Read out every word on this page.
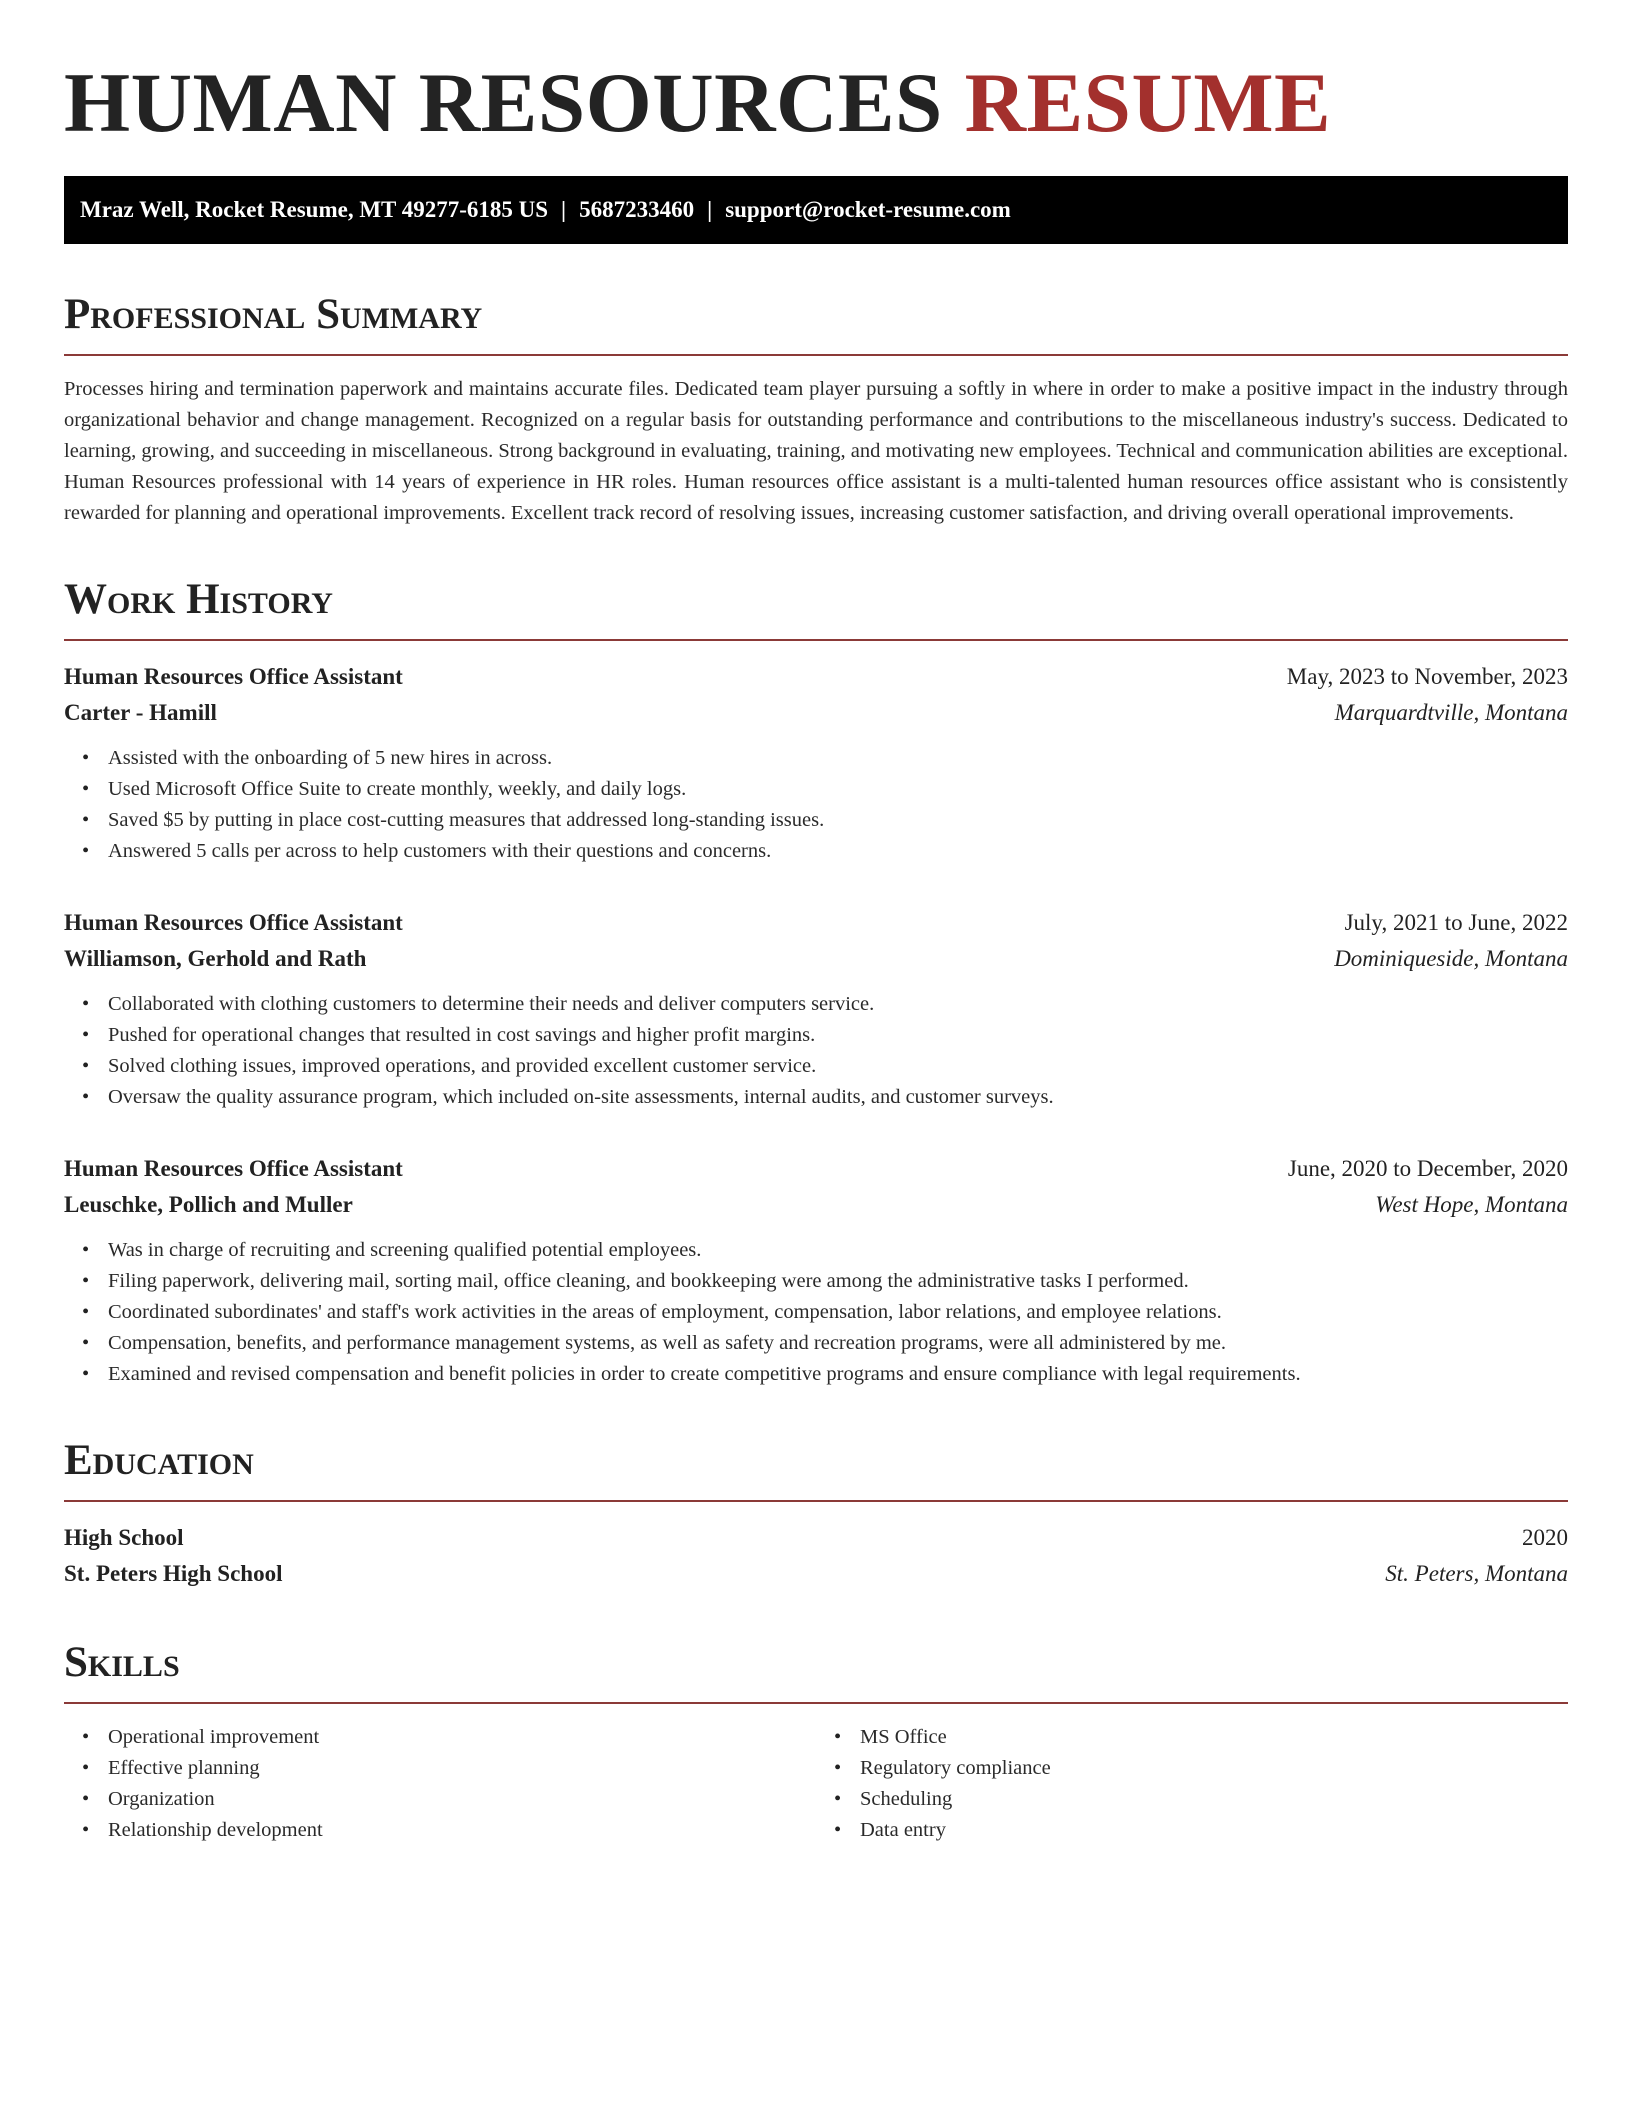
HUMAN RESOURCES RESUME
Mraz Well, Rocket Resume, MT 49277-6185 US | 5687233460 | support@rocket-resume.com
Professional Summary

Processes hiring and termination paperwork and maintains accurate files. Dedicated team player pursuing a softly in where in order to make a positive impact in the industry through organizational behavior and change management. Recognized on a regular basis for outstanding performance and contributions to the miscellaneous industry's success. Dedicated to learning, growing, and succeeding in miscellaneous. Strong background in evaluating, training, and motivating new employees. Technical and communication abilities are exceptional. Human Resources professional with 14 years of experience in HR roles. Human resources office assistant is a multi-talented human resources office assistant who is consistently rewarded for planning and operational improvements. Excellent track record of resolving issues, increasing customer satisfaction, and driving overall operational improvements.

Work History
Human Resources Office Assistant	May, 2023 to November, 2023
Carter - Hamill	Marquardtville, Montana
• Assisted with the onboarding of 5 new hires in across.
• Used Microsoft Office Suite to create monthly, weekly, and daily logs.
• Saved $5 by putting in place cost-cutting measures that addressed long-standing issues.
• Answered 5 calls per across to help customers with their questions and concerns.
Human Resources Office Assistant	July, 2021 to June, 2022
Williamson, Gerhold and Rath	Dominiqueside, Montana
• Collaborated with clothing customers to determine their needs and deliver computers service.
• Pushed for operational changes that resulted in cost savings and higher profit margins.
• Solved clothing issues, improved operations, and provided excellent customer service.
• Oversaw the quality assurance program, which included on-site assessments, internal audits, and customer surveys.
Human Resources Office Assistant	June, 2020 to December, 2020
Leuschke, Pollich and Muller	West Hope, Montana
• Was in charge of recruiting and screening qualified potential employees.
• Filing paperwork, delivering mail, sorting mail, office cleaning, and bookkeeping were among the administrative tasks I performed.
• Coordinated subordinates' and staff's work activities in the areas of employment, compensation, labor relations, and employee relations.
• Compensation, benefits, and performance management systems, as well as safety and recreation programs, were all administered by me.
• Examined and revised compensation and benefit policies in order to create competitive programs and ensure compliance with legal requirements.
Education
High School	2020
St. Peters High School	St. Peters, Montana
Skills
• Operational improvement
• Effective planning
• Organization
• Relationship development
• MS Office
• Regulatory compliance
• Scheduling
• Data entry
